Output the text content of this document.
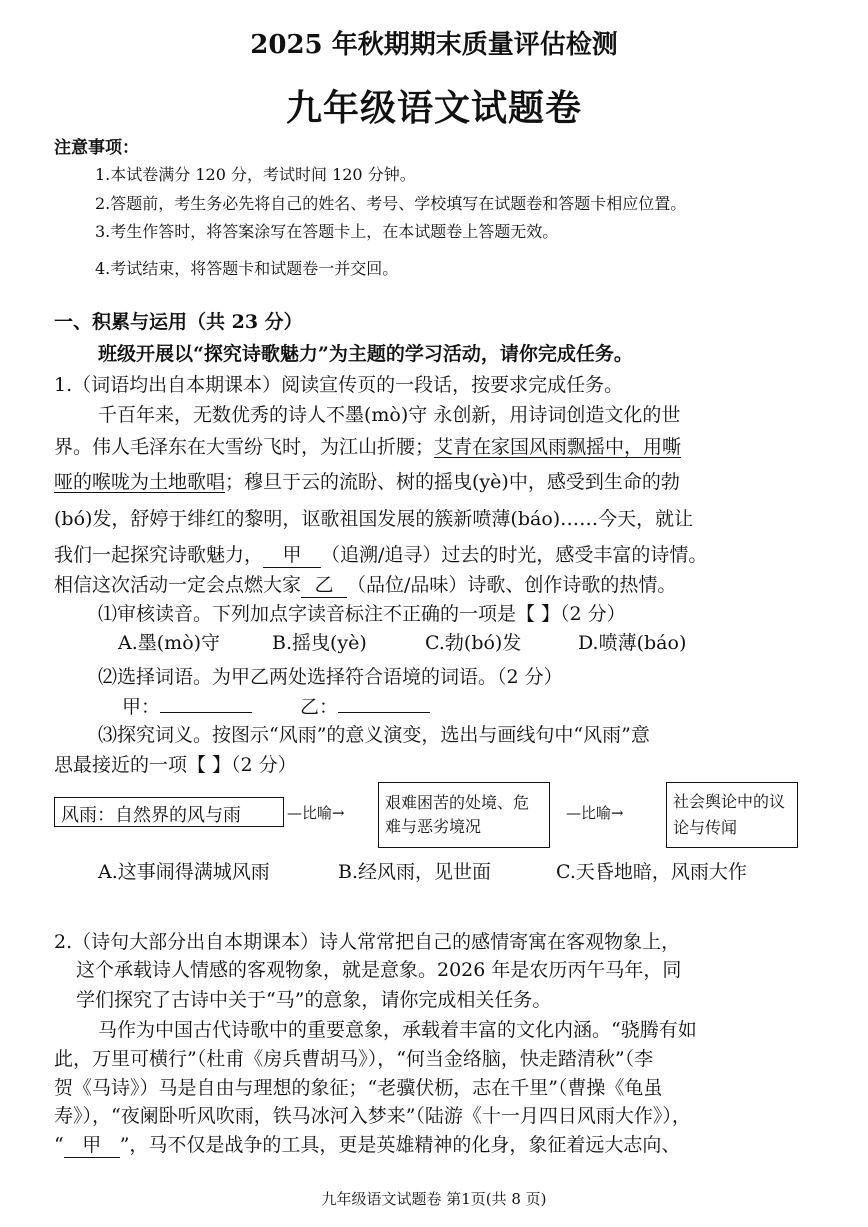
2025 年秋期期末质量评估检测
九年级语文试题卷
注意事项：
1.本试卷满分 120 分，考试时间 120 分钟。
2.答题前，考生务必先将自己的姓名、考号、学校填写在试题卷和答题卡相应位置。
3.考生作答时，将答案涂写在答题卡上，在本试题卷上答题无效。
4.考试结束，将答题卡和试题卷一并交回。
一、积累与运用（共 23 分）
班级开展以“探究诗歌魅力”为主题的学习活动，请你完成任务。
1.（词语均出自本期课本）阅读宣传页的一段话，按要求完成任务。
千百年来，无数优秀的诗人不墨(mò)守 永创新，用诗词创造文化的世
界。伟人毛泽东在大雪纷飞时，为江山折腰；艾青在家国风雨飘摇中，用嘶
哑的喉咙为土地歌唱；穆旦于云的流盼、树的摇曳(yè)中，感受到生命的勃
(bó)发，舒婷于绯红的黎明，讴歌祖国发展的簇新喷薄(báo)……今天，就让
我们一起探究诗歌魅力， 甲 （追溯/追寻）过去的时光，感受丰富的诗情。
相信这次活动一定会点燃大家 乙 （品位/品味）诗歌、创作诗歌的热情。
⑴审核读音。下列加点字读音标注不正确的一项是【 】（2 分）
A.墨(mò)守	B.摇曳(yè)	C.勃(bó)发	D.喷薄(báo)
⑵选择词语。为甲乙两处选择符合语境的词语。（2 分）
甲：	乙：
⑶探究词义。按图示“风雨”的意义演变，选出与画线句中“风雨”意
思最接近的一项【 】（2 分）
风雨：自然界的风与雨	—比喻→
艰难困苦的处境、危难与恶劣境况
—比喻→
社会舆论中的议论与传闻
A.这事闹得满城风雨	B.经风雨，见世面	C.天昏地暗，风雨大作
2.（诗句大部分出自本期课本）诗人常常把自己的感情寄寓在客观物象上，
这个承载诗人情感的客观物象，就是意象。2026 年是农历丙午马年，同
学们探究了古诗中关于“马”的意象，请你完成相关任务。
马作为中国古代诗歌中的重要意象，承载着丰富的文化内涵。“骁腾有如
此，万里可横行”（杜甫《房兵曹胡马》），“何当金络脑，快走踏清秋”（李
贺《马诗》）马是自由与理想的象征；“老骥伏枥，志在千里”（曹操《龟虽
寿》），“夜阑卧听风吹雨，铁马冰河入梦来”（陆游《十一月四日风雨大作》），
“ 甲 ”，马不仅是战争的工具，更是英雄精神的化身，象征着远大志向、
九年级语文试题卷 第1页(共 8 页)
